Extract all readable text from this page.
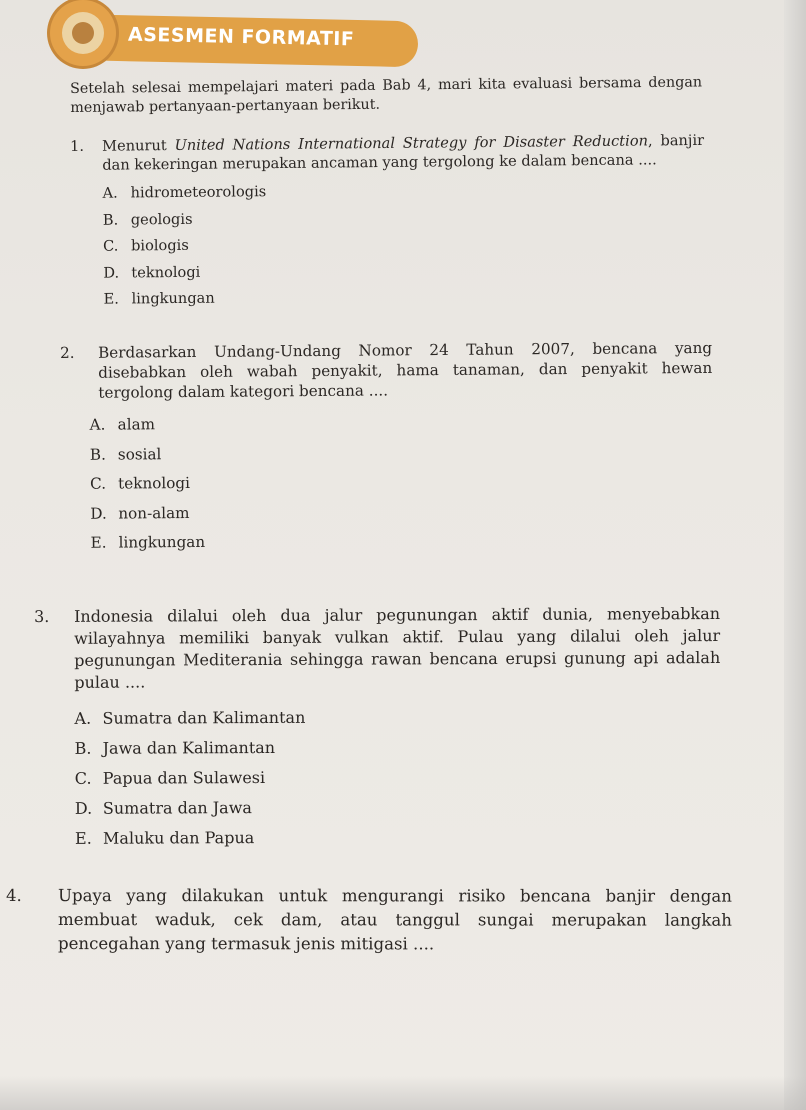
ASESMEN FORMATIF
Setelah selesai mempelajari materi pada Bab 4, mari kita evaluasi bersama dengan menjawab pertanyaan-pertanyaan berikut.
1.	Menurut United Nations International Strategy for Disaster Reduction, banjir dan kekeringan merupakan ancaman yang tergolong ke dalam bencana ....
A. hidrometeorologis
B. geologis
C. biologis
D. teknologi
E. lingkungan
2.	Berdasarkan Undang-Undang Nomor 24 Tahun 2007, bencana yang disebabkan oleh wabah penyakit, hama tanaman, dan penyakit hewan tergolong dalam kategori bencana ....
A. alam
B. sosial
C. teknologi
D. non-alam
E. lingkungan
3.	Indonesia dilalui oleh dua jalur pegunungan aktif dunia, menyebabkan wilayahnya memiliki banyak vulkan aktif. Pulau yang dilalui oleh jalur pegunungan Mediterania sehingga rawan bencana erupsi gunung api adalah pulau ....
A. Sumatra dan Kalimantan
B. Jawa dan Kalimantan
C. Papua dan Sulawesi
D. Sumatra dan Jawa
E. Maluku dan Papua
4.	Upaya yang dilakukan untuk mengurangi risiko bencana banjir dengan membuat waduk, cek dam, atau tanggul sungai merupakan langkah pencegahan yang termasuk jenis mitigasi ....
